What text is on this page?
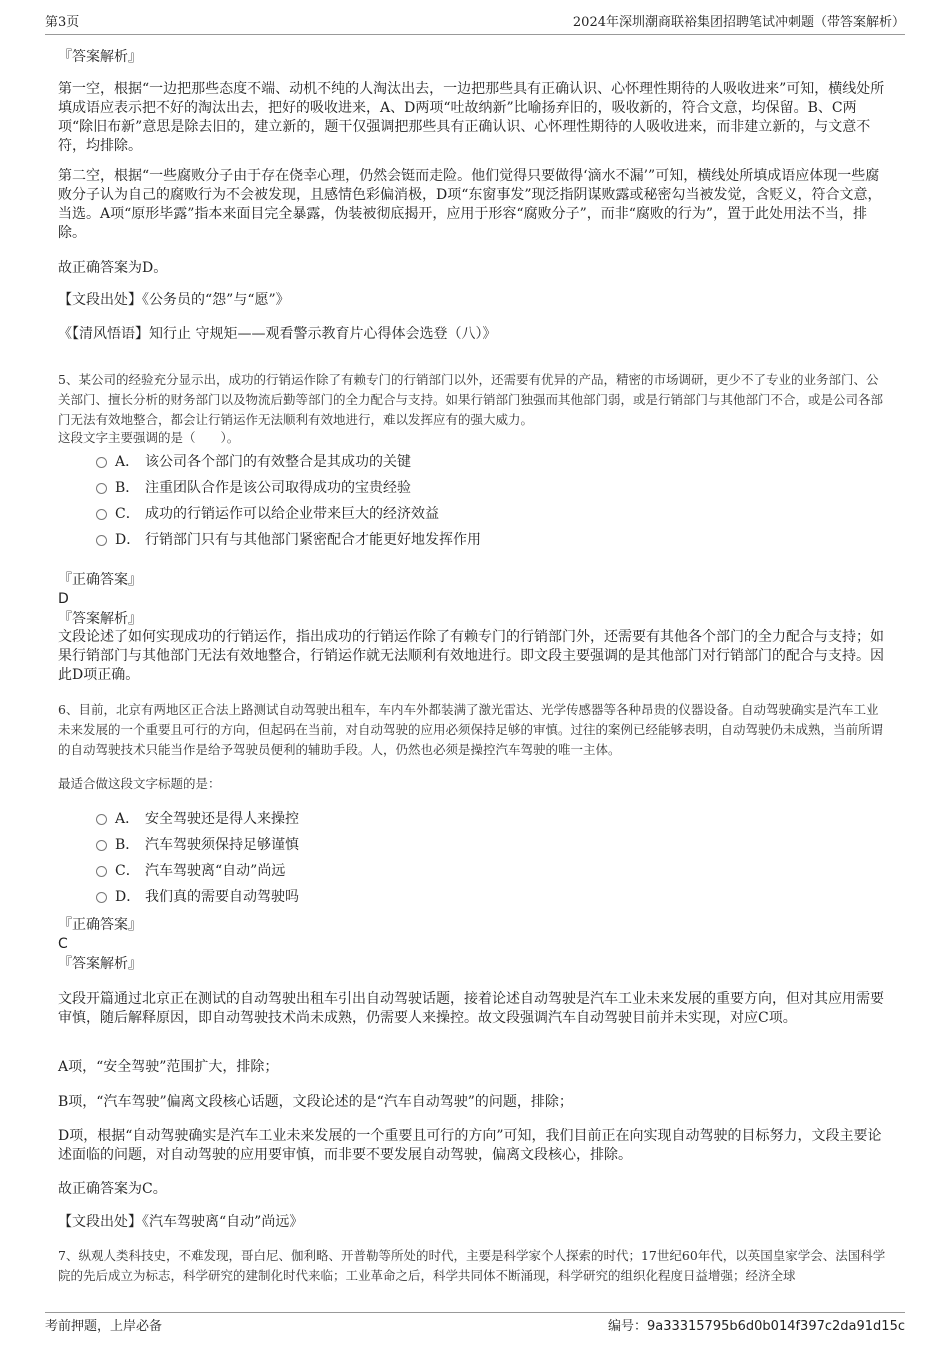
第3页	2024年深圳潮商联裕集团招聘笔试冲刺题（带答案解析）
『答案解析』
第一空，根据“一边把那些态度不端、动机不纯的人淘汰出去，一边把那些具有正确认识、心怀理性期待的人吸收进来”可知，横线处所填成语应表示把不好的淘汰出去，把好的吸收进来，A、D两项“吐故纳新”比喻扬弃旧的，吸收新的，符合文意，均保留。B、C两项“除旧布新”意思是除去旧的，建立新的，题干仅强调把那些具有正确认识、心怀理性期待的人吸收进来，而非建立新的，与文意不符，均排除。
第二空，根据“一些腐败分子由于存在侥幸心理，仍然会铤而走险。他们觉得只要做得‘滴水不漏’”可知，横线处所填成语应体现一些腐败分子认为自己的腐败行为不会被发现，且感情色彩偏消极，D项“东窗事发”现泛指阴谋败露或秘密勾当被发觉，含贬义，符合文意，当选。A项“原形毕露”指本来面目完全暴露，伪装被彻底揭开，应用于形容“腐败分子”，而非“腐败的行为”，置于此处用法不当，排除。
故正确答案为D。
【文段出处】《公务员的“怨”与“愿”》
《【清风悟语】知行止 守规矩——观看警示教育片心得体会选登（八）》
5、某公司的经验充分显示出，成功的行销运作除了有赖专门的行销部门以外，还需要有优异的产品，精密的市场调研，更少不了专业的业务部门、公关部门、擅长分析的财务部门以及物流后勤等部门的全力配合与支持。如果行销部门独强而其他部门弱，或是行销部门与其他部门不合，或是公司各部门无法有效地整合，都会让行销运作无法顺利有效地进行，难以发挥应有的强大威力。
这段文字主要强调的是（　　）。
A． 该公司各个部门的有效整合是其成功的关键
B． 注重团队合作是该公司取得成功的宝贵经验
C． 成功的行销运作可以给企业带来巨大的经济效益
D． 行销部门只有与其他部门紧密配合才能更好地发挥作用
『正确答案』
D
『答案解析』
文段论述了如何实现成功的行销运作，指出成功的行销运作除了有赖专门的行销部门外，还需要有其他各个部门的全力配合与支持；如果行销部门与其他部门无法有效地整合，行销运作就无法顺利有效地进行。即文段主要强调的是其他部门对行销部门的配合与支持。因此D项正确。
6、目前，北京有两地区正合法上路测试自动驾驶出租车，车内车外都装满了激光雷达、光学传感器等各种昂贵的仪器设备。自动驾驶确实是汽车工业未来发展的一个重要且可行的方向，但起码在当前，对自动驾驶的应用必须保持足够的审慎。过往的案例已经能够表明，自动驾驶仍未成熟，当前所谓的自动驾驶技术只能当作是给予驾驶员便利的辅助手段。人，仍然也必须是操控汽车驾驶的唯一主体。
最适合做这段文字标题的是：
A． 安全驾驶还是得人来操控
B． 汽车驾驶须保持足够谨慎
C． 汽车驾驶离“自动”尚远
D． 我们真的需要自动驾驶吗
『正确答案』
C
『答案解析』
文段开篇通过北京正在测试的自动驾驶出租车引出自动驾驶话题，接着论述自动驾驶是汽车工业未来发展的重要方向，但对其应用需要审慎，随后解释原因，即自动驾驶技术尚未成熟，仍需要人来操控。故文段强调汽车自动驾驶目前并未实现，对应C项。
A项，“安全驾驶”范围扩大，排除；
B项，“汽车驾驶”偏离文段核心话题，文段论述的是“汽车自动驾驶”的问题，排除；
D项，根据“自动驾驶确实是汽车工业未来发展的一个重要且可行的方向”可知，我们目前正在向实现自动驾驶的目标努力，文段主要论述面临的问题，对自动驾驶的应用要审慎，而非要不要发展自动驾驶，偏离文段核心，排除。
故正确答案为C。
【文段出处】《汽车驾驶离“自动”尚远》
7、纵观人类科技史，不难发现，哥白尼、伽利略、开普勒等所处的时代，主要是科学家个人探索的时代；17世纪60年代，以英国皇家学会、法国科学院的先后成立为标志，科学研究的建制化时代来临；工业革命之后，科学共同体不断涌现，科学研究的组织化程度日益增强；经济全球
考前押题，上岸必备	编号：9a33315795b6d0b014f397c2da91d15c
